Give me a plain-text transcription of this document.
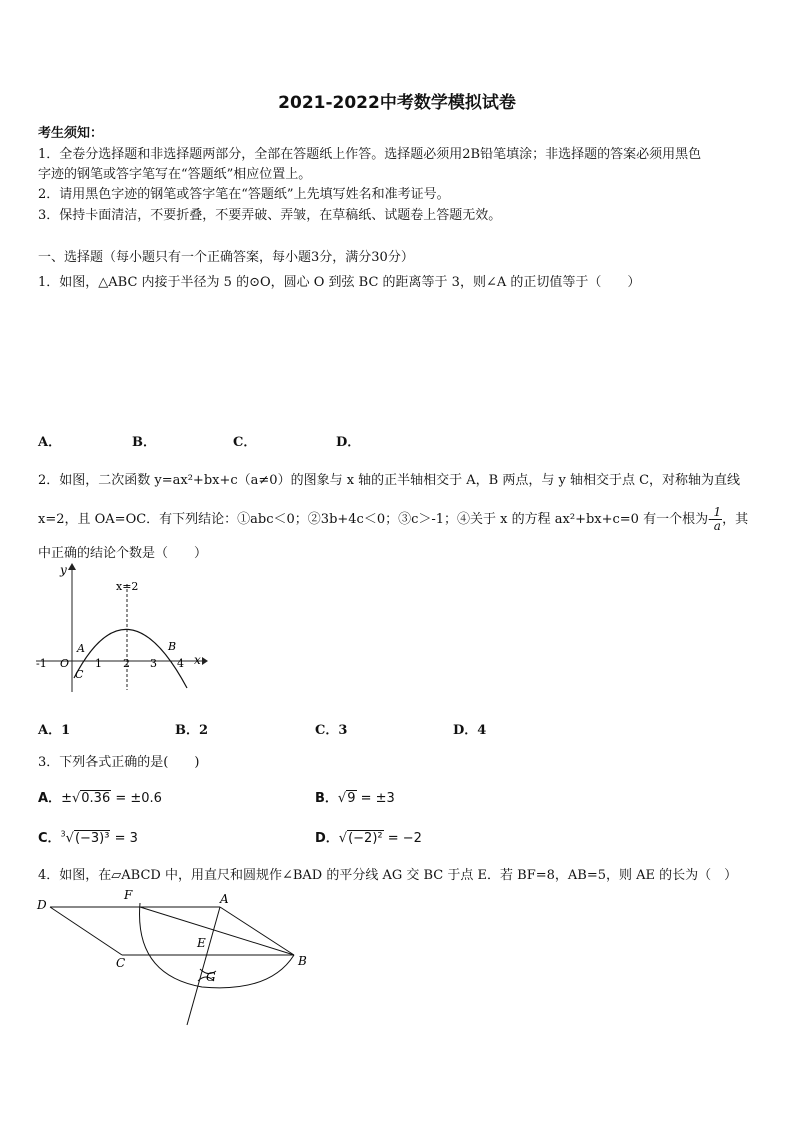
2021-2022中考数学模拟试卷
考生须知：
1．全卷分选择题和非选择题两部分，全部在答题纸上作答。选择题必须用2B铅笔填涂；非选择题的答案必须用黑色
字迹的钢笔或答字笔写在“答题纸”相应位置上。
2．请用黑色字迹的钢笔或答字笔在“答题纸”上先填写姓名和准考证号。
3．保持卡面清洁，不要折叠，不要弄破、弄皱，在草稿纸、试题卷上答题无效。
一、选择题（每小题只有一个正确答案，每小题3分，满分30分）
1．如图，△ABC 内接于半径为 5 的⊙O，圆心 O 到弦 BC 的距离等于 3，则∠A 的正切值等于（　　）
A．	B．	C．	D．
2．如图，二次函数 y=ax²+bx+c（a≠0）的图象与 x 轴的正半轴相交于 A，B 两点，与 y 轴相交于点 C，对称轴为直线
x=2，且 OA=OC．有下列结论：①abc＜0；②3b+4c＜0；③c＞-1；④关于 x 的方程 ax²+bx+c=0 有一个根为- $\frac{1}{a}$ ，其
中正确的结论个数是（　　）
y
x
x=2
A	B
C
O
-1	1 2 3 4
A．1	B．2	C．3	D．4
3．下列各式正确的是(　　)
A．±√0.36 = ±0.6	B．√9 = ±3
C．$^3$√(−3)³ = 3	D．√(−2)² = −2
4．如图，在▱ABCD 中，用直尺和圆规作∠BAD 的平分线 AG 交 BC 于点 E．若 BF=8，AB=5，则 AE 的长为（　）
D
F	A
E
C	B
G
